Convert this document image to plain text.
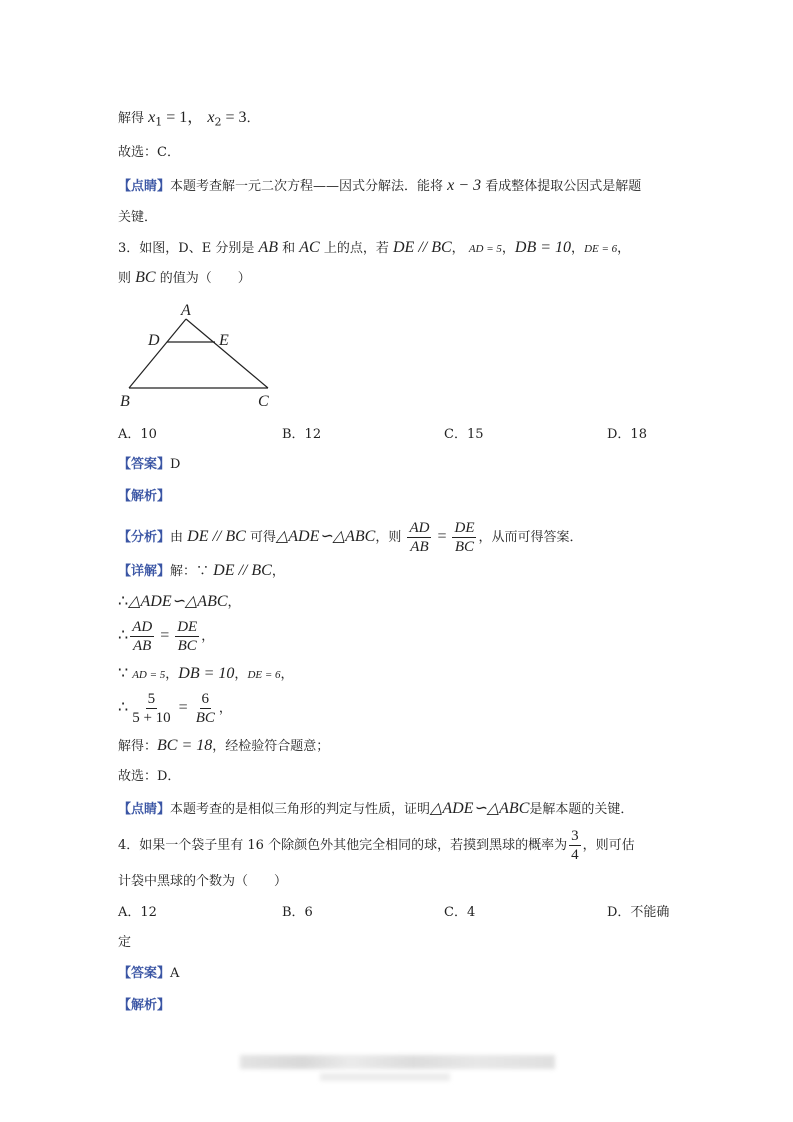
解得 $x_1 = 1$， $x_2 = 3$．
故选：C．
【点睛】本题考查解一元二次方程——因式分解法．能将 x − 3 看成整体提取公因式是解题
关键．
3．如图，D、E 分别是 AB 和 AC 上的点，若 DE // BC， AD = 5，DB = 10，DE = 6，
则 BC 的值为（　　）
A
D	E
B	C
A．10	B．12	C．15	D．18
【答案】D
【解析】
【分析】由 DE // BC 可得△ADE∽△ABC，则 $\frac{AD}{AB} = \frac{DE}{BC}$ ，从而可得答案．
【详解】解：∵ DE // BC，
∴△ADE∽△ABC，
∴ $\frac{AD}{AB} = \frac{DE}{BC}$ ，
∵ AD = 5，DB = 10，DE = 6，
∴ $\frac{5}{5 + 10} = \frac{6}{BC}$ ，
解得：BC = 18，经检验符合题意；
故选：D．
【点睛】本题考查的是相似三角形的判定与性质，证明△ADE∽△ABC是解本题的关键．
4．如果一个袋子里有 16 个除颜色外其他完全相同的球，若摸到黑球的概率为 $\frac{3}{4}$ ，则可估
计袋中黑球的个数为（　　）
A．12	B．6	C．4	D．不能确
定
【答案】A
【解析】
